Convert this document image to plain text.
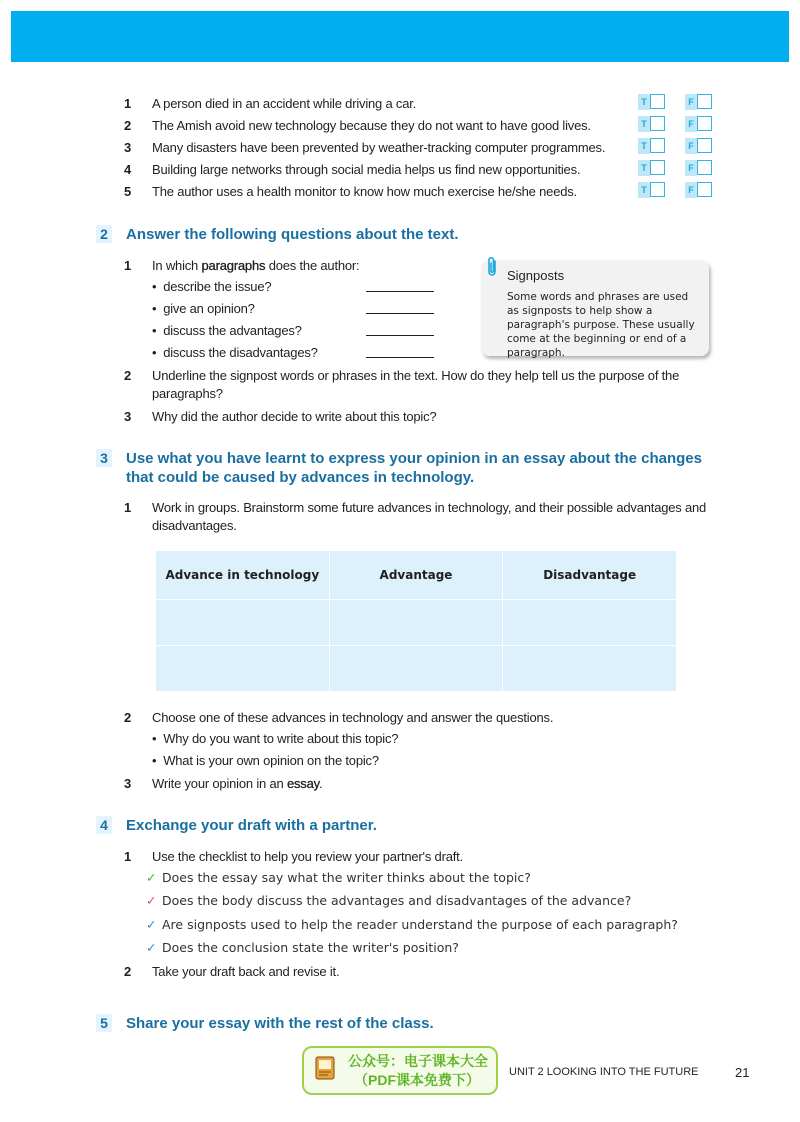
1	A person died in an accident while driving a car.	T	F
2	The Amish avoid new technology because they do not want to have good lives.	T	F
3	Many disasters have been prevented by weather-tracking computer programmes.	T	F
4	Building large networks through social media helps us find new opportunities.	T	F
5	The author uses a health monitor to know how much exercise he/she needs.	T	F
2 Answer the following questions about the text.
1 In which paragraphs does the author:
•  describe the issue?
•  give an opinion?
•  discuss the advantages?
•  discuss the disadvantages?
Signposts
Some words and phrases are used as signposts to help show a paragraph's purpose. These usually come at the beginning or end of a paragraph.
2 Underline the signpost words or phrases in the text. How do they help tell us the purpose of the paragraphs?
3 Why did the author decide to write about this topic?
3 Use what you have learnt to express your opinion in an essay about the changes
that could be caused by advances in technology.
1 Work in groups. Brainstorm some future advances in technology, and their possible advantages and disadvantages.
Advance in technology	Advantage	Disadvantage

2 Choose one of these advances in technology and answer the questions.
•  Why do you want to write about this topic?
•  What is your own opinion on the topic?
3 Write your opinion in an essay.
4 Exchange your draft with a partner.
1 Use the checklist to help you review your partner's draft.
✓ Does the essay say what the writer thinks about the topic?
✓ Does the body discuss the advantages and disadvantages of the advance?
✓ Are signposts used to help the reader understand the purpose of each paragraph?
✓ Does the conclusion state the writer's position?
2 Take your draft back and revise it.
5 Share your essay with the rest of the class.
公众号：电子课本大全
（PDF课本免费下）	UNIT 2 LOOKING INTO THE FUTURE	21
